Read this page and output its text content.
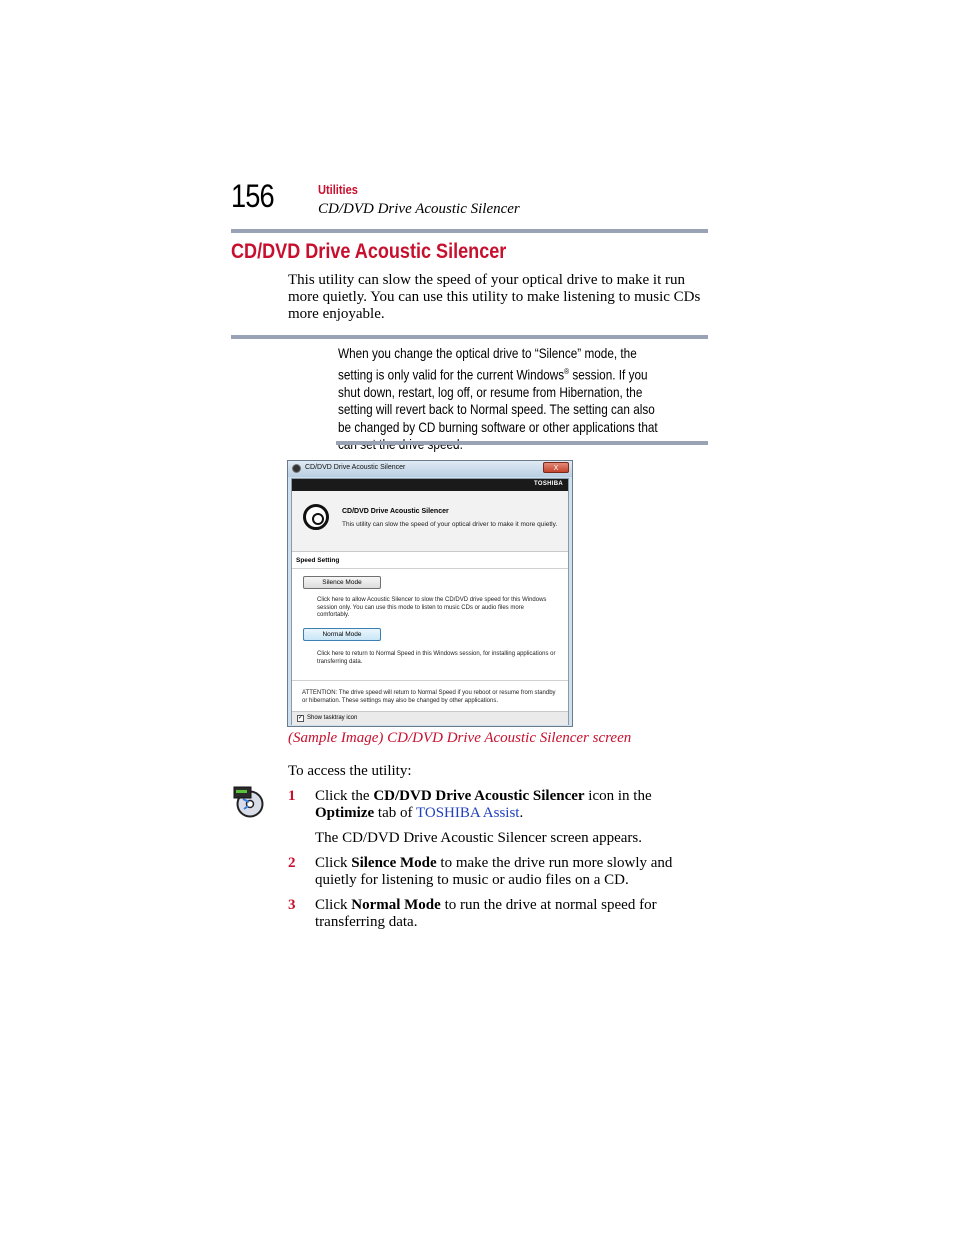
156	Utilities
CD/DVD Drive Acoustic Silencer
CD/DVD Drive Acoustic Silencer
This utility can slow the speed of your optical drive to make it run more quietly. You can use this utility to make listening to music CDs more enjoyable.
When you change the optical drive to “Silence” mode, the setting is only valid for the current Windows® session. If you shut down, restart, log off, or resume from Hibernation, the setting will revert back to Normal speed. The setting can also be changed by CD burning software or other applications that
CD/DVD Drive Acoustic Silencer	X
TOSHIBA
CD/DVD Drive Acoustic Silencer
This utility can slow the speed of your optical driver to make it more quietly.
Speed Setting
Silence Mode
Click here to allow Acoustic Silencer to slow the CD/DVD drive speed for this Windows session only. You can use this mode to listen to music CDs or audio files more comfortably.
Normal Mode
Click here to return to Normal Speed in this Windows session, for installing applications or transferring data.
ATTENTION: The drive speed will return to Normal Speed if you reboot or resume from standby or hibernation. These settings may also be changed by other applications.
✓ Show tasktray icon
(Sample Image) CD/DVD Drive Acoustic Silencer screen
To access the utility:
1 Click the CD/DVD Drive Acoustic Silencer icon in the Optimize tab of TOSHIBA Assist.
The CD/DVD Drive Acoustic Silencer screen appears.
2 Click Silence Mode to make the drive run more slowly and quietly for listening to music or audio files on a CD.
3 Click Normal Mode to run the drive at normal speed for transferring data.
